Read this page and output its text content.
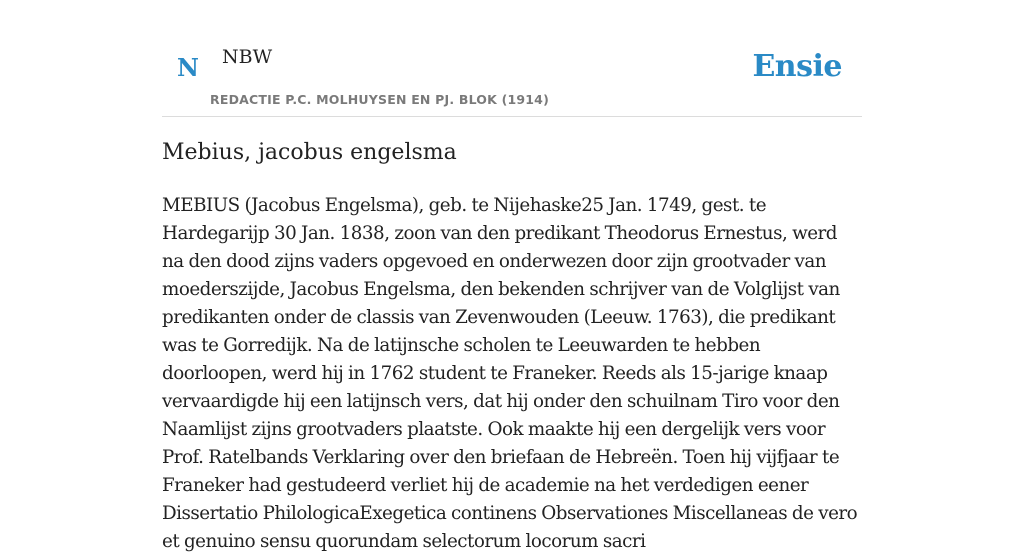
N NBW
REDACTIE P.C. MOLHUYSEN EN PJ. BLOK (1914)
Ensie
Mebius, jacobus engelsma

MEBIUS (Jacobus Engelsma), geb. te Nijehaske25 Jan. 1749, gest. te Hardegarijp 30 Jan. 1838, zoon van den predikant Theodorus Ernestus, werd na den dood zijns vaders opgevoed en onderwezen door zijn grootvader van moederszijde, Jacobus Engelsma, den bekenden schrijver van de Volglijst van predikanten onder de classis van Zevenwouden (Leeuw. 1763), die predikant was te Gorredijk. Na de latijnsche scholen te Leeuwarden te hebben doorloopen, werd hij in 1762 student te Franeker. Reeds als 15-jarige knaap vervaardigde hij een latijnsch vers, dat hij onder den schuilnam Tiro voor den Naamlijst zijns grootvaders plaatste. Ook maakte hij een dergelijk vers voor Prof. Ratelbands Verklaring over den briefaan de Hebreën. Toen hij vijfjaar te Franeker had gestudeerd verliet hij de academie na het verdedigen eener Dissertatio PhilologicaExegetica continens Observationes Miscellaneas de vero et genuino sensu quorundam selectorum locorum sacri
